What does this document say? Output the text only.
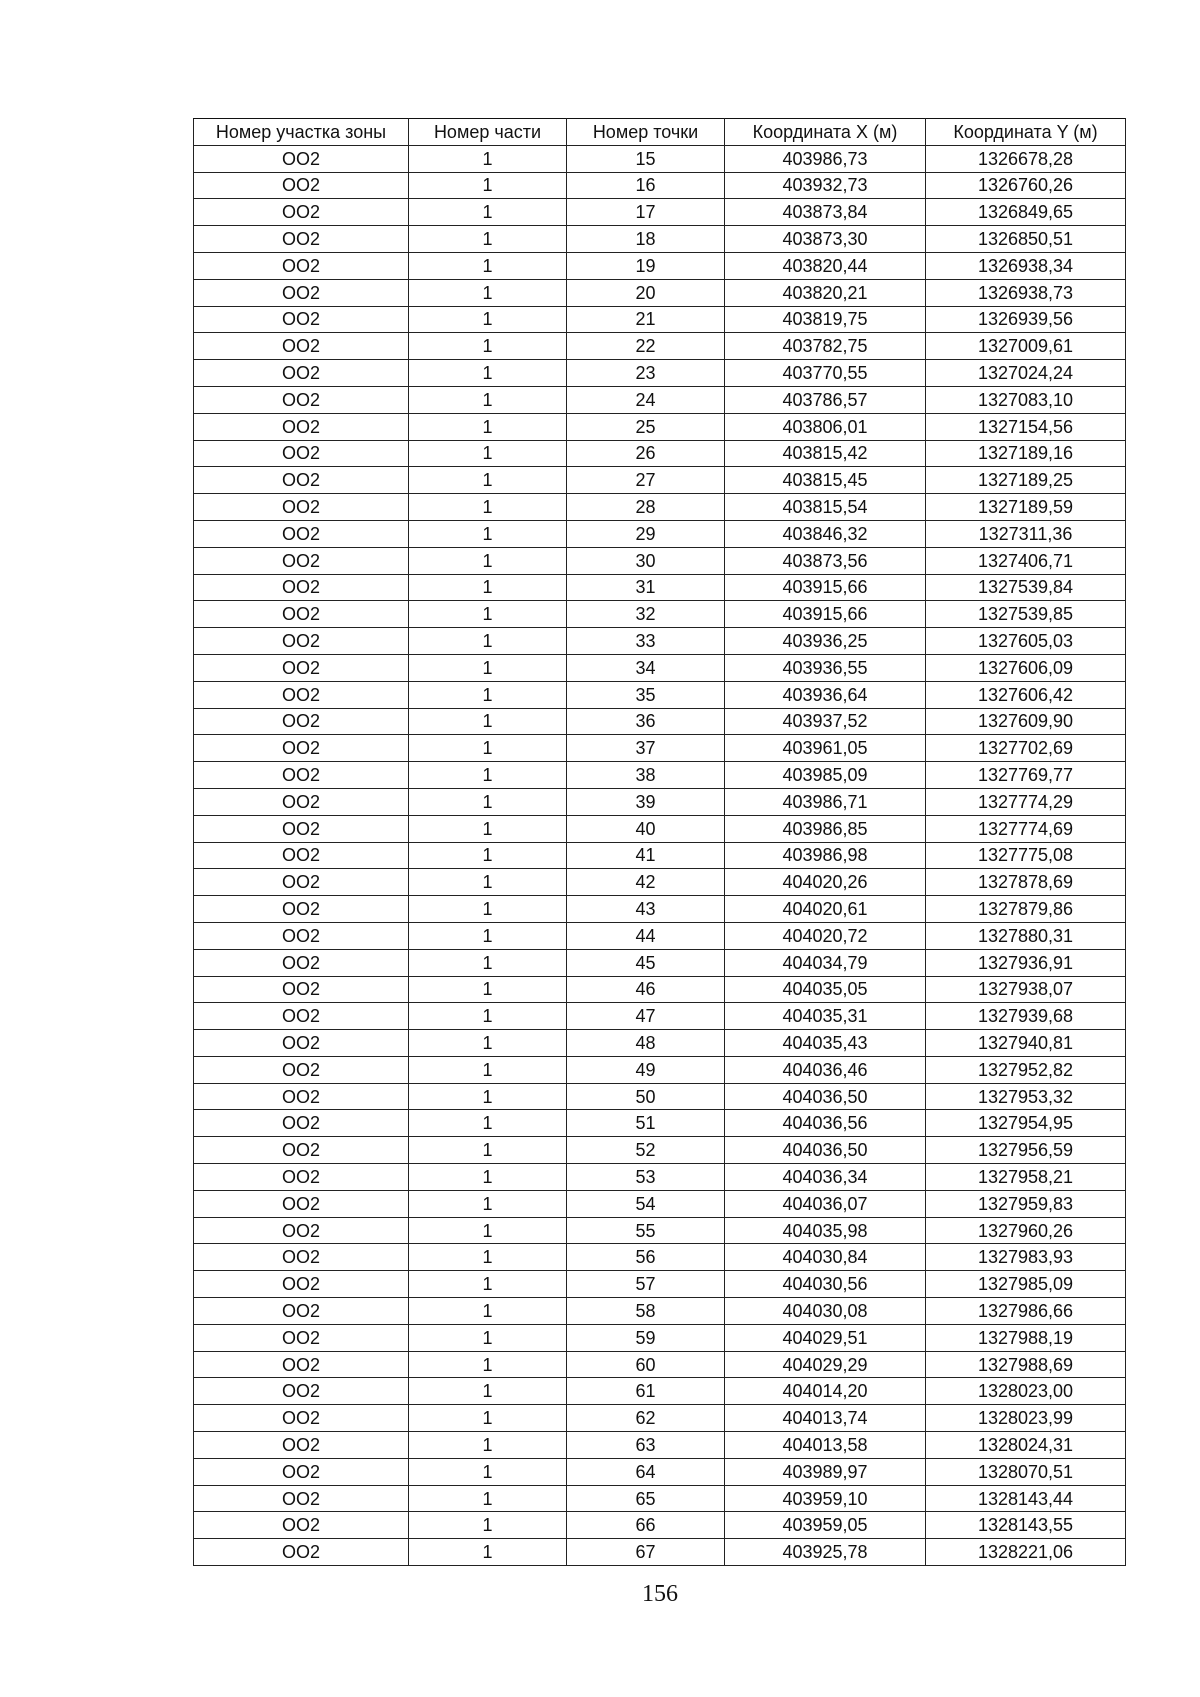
Номер участка зоны	Номер части	Номер точки	Координата X (м)	Координата Y (м)
ОО2	1	15	403986,73	1326678,28
ОО2	1	16	403932,73	1326760,26
ОО2	1	17	403873,84	1326849,65
ОО2	1	18	403873,30	1326850,51
ОО2	1	19	403820,44	1326938,34
ОО2	1	20	403820,21	1326938,73
ОО2	1	21	403819,75	1326939,56
ОО2	1	22	403782,75	1327009,61
ОО2	1	23	403770,55	1327024,24
ОО2	1	24	403786,57	1327083,10
ОО2	1	25	403806,01	1327154,56
ОО2	1	26	403815,42	1327189,16
ОО2	1	27	403815,45	1327189,25
ОО2	1	28	403815,54	1327189,59
ОО2	1	29	403846,32	1327311,36
ОО2	1	30	403873,56	1327406,71
ОО2	1	31	403915,66	1327539,84
ОО2	1	32	403915,66	1327539,85
ОО2	1	33	403936,25	1327605,03
ОО2	1	34	403936,55	1327606,09
ОО2	1	35	403936,64	1327606,42
ОО2	1	36	403937,52	1327609,90
ОО2	1	37	403961,05	1327702,69
ОО2	1	38	403985,09	1327769,77
ОО2	1	39	403986,71	1327774,29
ОО2	1	40	403986,85	1327774,69
ОО2	1	41	403986,98	1327775,08
ОО2	1	42	404020,26	1327878,69
ОО2	1	43	404020,61	1327879,86
ОО2	1	44	404020,72	1327880,31
ОО2	1	45	404034,79	1327936,91
ОО2	1	46	404035,05	1327938,07
ОО2	1	47	404035,31	1327939,68
ОО2	1	48	404035,43	1327940,81
ОО2	1	49	404036,46	1327952,82
ОО2	1	50	404036,50	1327953,32
ОО2	1	51	404036,56	1327954,95
ОО2	1	52	404036,50	1327956,59
ОО2	1	53	404036,34	1327958,21
ОО2	1	54	404036,07	1327959,83
ОО2	1	55	404035,98	1327960,26
ОО2	1	56	404030,84	1327983,93
ОО2	1	57	404030,56	1327985,09
ОО2	1	58	404030,08	1327986,66
ОО2	1	59	404029,51	1327988,19
ОО2	1	60	404029,29	1327988,69
ОО2	1	61	404014,20	1328023,00
ОО2	1	62	404013,74	1328023,99
ОО2	1	63	404013,58	1328024,31
ОО2	1	64	403989,97	1328070,51
ОО2	1	65	403959,10	1328143,44
ОО2	1	66	403959,05	1328143,55
ОО2	1	67	403925,78	1328221,06
156
